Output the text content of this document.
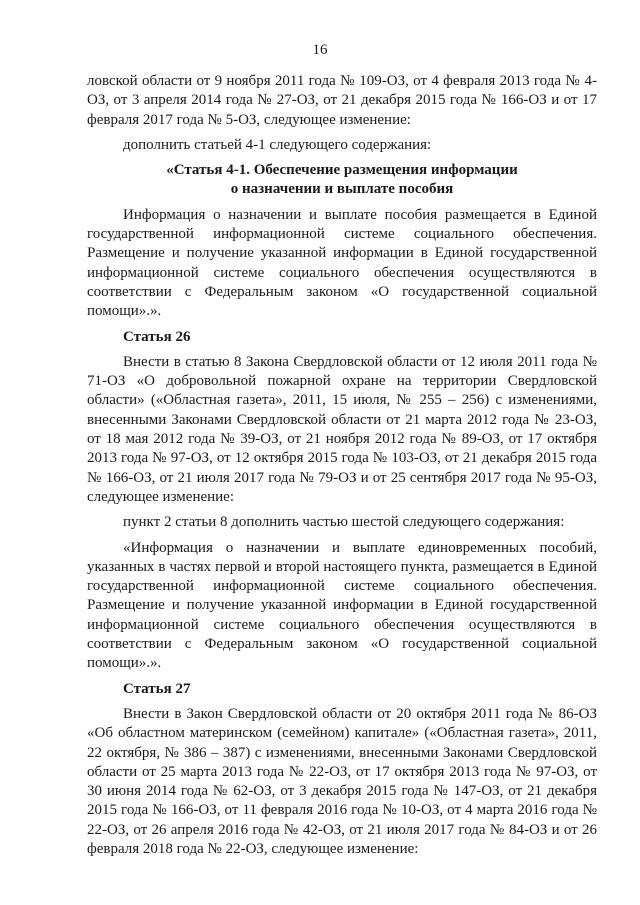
16

ловской области от 9 ноября 2011 года № 109-ОЗ, от 4 февраля 2013 года № 4-ОЗ, от 3 апреля 2014 года № 27-ОЗ, от 21 декабря 2015 года № 166-ОЗ и от 17 февраля 2017 года № 5-ОЗ, следующее изменение:

дополнить статьей 4-1 следующего содержания:

«Статья 4-1. Обеспечение размещения информации
о назначении и выплате пособия

Информация о назначении и выплате пособия размещается в Единой государственной информационной системе социального обеспечения. Размещение и получение указанной информации в Единой государственной информационной системе социального обеспечения осуществляются в соответствии с Федеральным законом «О государственной социальной помощи».».

Статья 26

Внести в статью 8 Закона Свердловской области от 12 июля 2011 года № 71-ОЗ «О добровольной пожарной охране на территории Свердловской области» («Областная газета», 2011, 15 июля, № 255 – 256) с изменениями, внесенными Законами Свердловской области от 21 марта 2012 года № 23-ОЗ, от 18 мая 2012 года № 39-ОЗ, от 21 ноября 2012 года № 89-ОЗ, от 17 октября 2013 года № 97-ОЗ, от 12 октября 2015 года № 103-ОЗ, от 21 декабря 2015 года № 166-ОЗ, от 21 июля 2017 года № 79-ОЗ и от 25 сентября 2017 года № 95-ОЗ, следующее изменение:

пункт 2 статьи 8 дополнить частью шестой следующего содержания:

«Информация о назначении и выплате единовременных пособий, указанных в частях первой и второй настоящего пункта, размещается в Единой государственной информационной системе социального обеспечения. Размещение и получение указанной информации в Единой государственной информационной системе социального обеспечения осуществляются в соответствии с Федеральным законом «О государственной социальной помощи».».

Статья 27

Внести в Закон Свердловской области от 20 октября 2011 года № 86-ОЗ «Об областном материнском (семейном) капитале» («Областная газета», 2011, 22 октября, № 386 – 387) с изменениями, внесенными Законами Свердловской области от 25 марта 2013 года № 22-ОЗ, от 17 октября 2013 года № 97-ОЗ, от 30 июня 2014 года № 62-ОЗ, от 3 декабря 2015 года № 147-ОЗ, от 21 декабря 2015 года № 166-ОЗ, от 11 февраля 2016 года № 10-ОЗ, от 4 марта 2016 года № 22-ОЗ, от 26 апреля 2016 года № 42-ОЗ, от 21 июля 2017 года № 84-ОЗ и от 26 февраля 2018 года № 22-ОЗ, следующее изменение:
